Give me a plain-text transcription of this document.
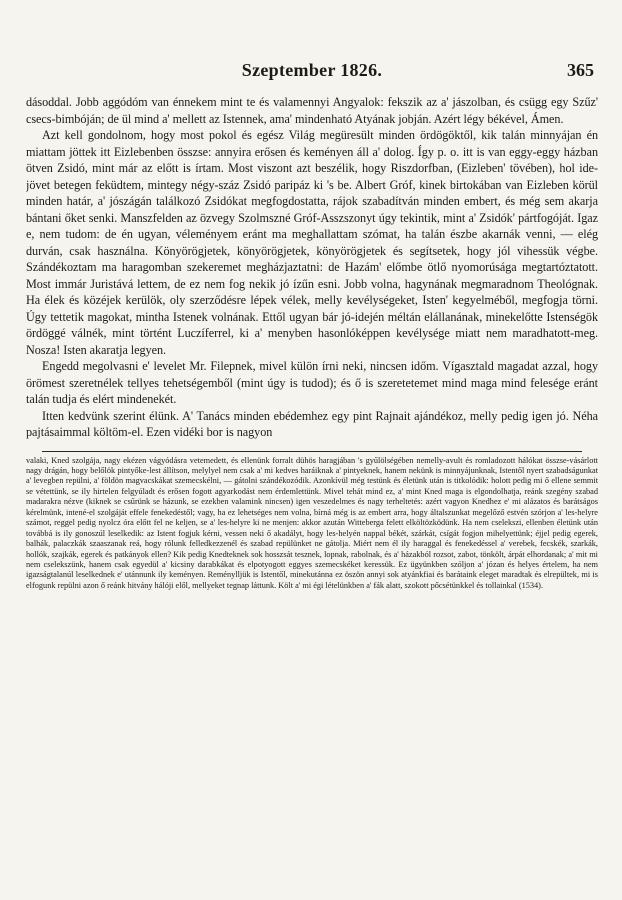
Szeptember 1826.	365

dásoddal. Jobb aggódóm van énnekem mint te és valamennyi Angyalok: fekszik az a' jászolban, és csügg egy Szűz' csecs-bimbóján; de ül mind a' mellett az Istennek, ama' mindenható Atyának jobján. Azért légy békével, Ámen.

Azt kell gondolnom, hogy most pokol és egész Világ megüresült minden ördögöktől, kik talán minnyájan én miattam jöttek itt Eizlebenben összse: annyira erősen és keményen áll a' dolog. Így p. o. itt is van eggy-eggy házban ötven Zsidó, mint már az előtt is írtam. Most viszont azt beszélik, hogy Riszdorfban, (Eizleben' tövében), hol ide-jövet betegen feküdtem, mintegy négy-száz Zsidó paripáz ki 's be. Albert Gróf, kinek birtokában van Eizleben körül minden határ, a' jószágán találkozó Zsidókat megfogdostatta, rájok szabadítván minden embert, és még sem akarja bántani őket senki. Manszfelden az özvegy Szolmszné Gróf-Asszszonyt úgy tekintik, mint a' Zsidók' pártfogóját. Igaz e, nem tudom: de én ugyan, véleményem eránt ma meghallattam szómat, ha talán észbe akarnák venni, — elég durván, csak használna. Könyörögjetek, könyörögjetek, könyörögjetek és segítsetek, hogy jól vihessük végbe. Szándékoztam ma haragomban szekeremet megházjaztatni: de Hazám' előmbe ötlő nyomorúsága megtartóztatott. Most immár Juristává lettem, de ez nem fog nekik jó ízűn esni. Jobb volna, hagynának megmaradnom Theológnak. Ha élek és közéjek kerülök, oly szerződésre lépek vélek, melly kevélységeket, Isten' kegyelméből, megfogja törni. Úgy tettetik magokat, mintha Istenek volnának. Ettől ugyan bár jó-idején méltán elállanának, minekelőtte Istenségök ördöggé válnék, mint történt Luczíferrel, ki a' menyben hasonlóképpen kevélysége miatt nem maradhatott-meg. Nosza! Isten akaratja legyen.

Engedd megolvasni e' levelet Mr. Filepnek, mivel külön írni neki, nincsen időm. Vígasztald magadat azzal, hogy örömest szeretnélek tellyes tehetségemből (mint úgy is tudod); és ő is szeretetemet mind maga mind felesége eránt talán tudja és elért mindenekét.

Itten kedvünk szerint élünk. A' Tanács minden ebédemhez egy pint Rajnait ajándékoz, melly pedig igen jó. Néha pajtásaimmal költöm-el. Ezen vidéki bor is nagyon

valaki, Kned szolgája, nagy ekézen vágyódásra vetemedett, és ellenünk forralt dühös haragjában 's gyűlölségében nemelly-avult és romladozott hálókat összse-vásárlott nagy drágán, hogy belőlök pintyőke-lest állítson, melylyel nem csak a' mi kedves haráiknak a' pintyeknek, hanem nekünk is minnyájunknak, Istentől nyert szabadságunkat a' levegben repülni, a' földön magvacskákat szemecskélni, — gátolni szándékozódik. Azonkívül még testünk és életünk után is titkolódik: holott pedig mi ő ellene semmit se vétettünk, se ily hirtelen felgyúladt és erősen fogott agyarkodást nem érdemlettünk. Mivel tehát mind ez, a' mint Kned maga is elgondolhatja, reánk szegény szabad madarakra nézve (kiknek se csűrünk se házunk, se ezekben valamink nincsen) igen veszedelmes és nagy terheltetés: azért vagyon Knedhez e' mi alázatos és barátságos kérelmünk, intené-el szolgáját effele fenekedéstől; vagy, ha ez lehetséges nem volna, bírná még is az embert arra, hogy általszunkat megelőző estvén szórjon a' les-helyre számot, reggel pedig nyolcz óra előtt fel ne keljen, se a' les-helyre ki ne menjen: akkor azután Wittebergа felett elköltözködünk. Ha nem cselekszi, ellenben életünk után továbbá is ily gonoszúl leselkedik: az Istent fogjuk kérni, vessen neki ő akadályt, hogy les-helyén nappal békét, szárkát, csígát fogjon mihelyettünk; éjjel pedig egerek, balhák, palaczkák szaaszanak reá, hogy rólunk felledkezzenél és szabad repülünket ne gátolja. Miért nem él ily haraggal és fenekedéssel a' verebek, fecskék, szarkák, hollók, szajkák, egerek és patkányok ellen? Kik pedig Knedteknek sok hosszsát tesznek, lopnak, rabolnak, és a' házakból rozsot, zabot, tönkölt, árpát elhordanak; a' mit mi nem cselekszünk, hanem csak egyedül a' kicsiny darabkákat és elpotyogott eggyes szemecskéket keressük. Ez ügyünkben szóljon a' józan és helyes értelem, ha nem igazságtalanúl leselkednek e' utánnunk ily keményen. Reménylljük is Istentől, minekutánna ez öszön annyi sok atyánkfiai és barátaink eleget maradtak és elrepültek, mi is elfogunk repülni azon ő reánk hitvány hálóji elől, mellyeket tegnap láttunk. Költ a' mi égi lételünkben a' fák alatt, szokott pőcsétünkkel és tollainkal (1534).
